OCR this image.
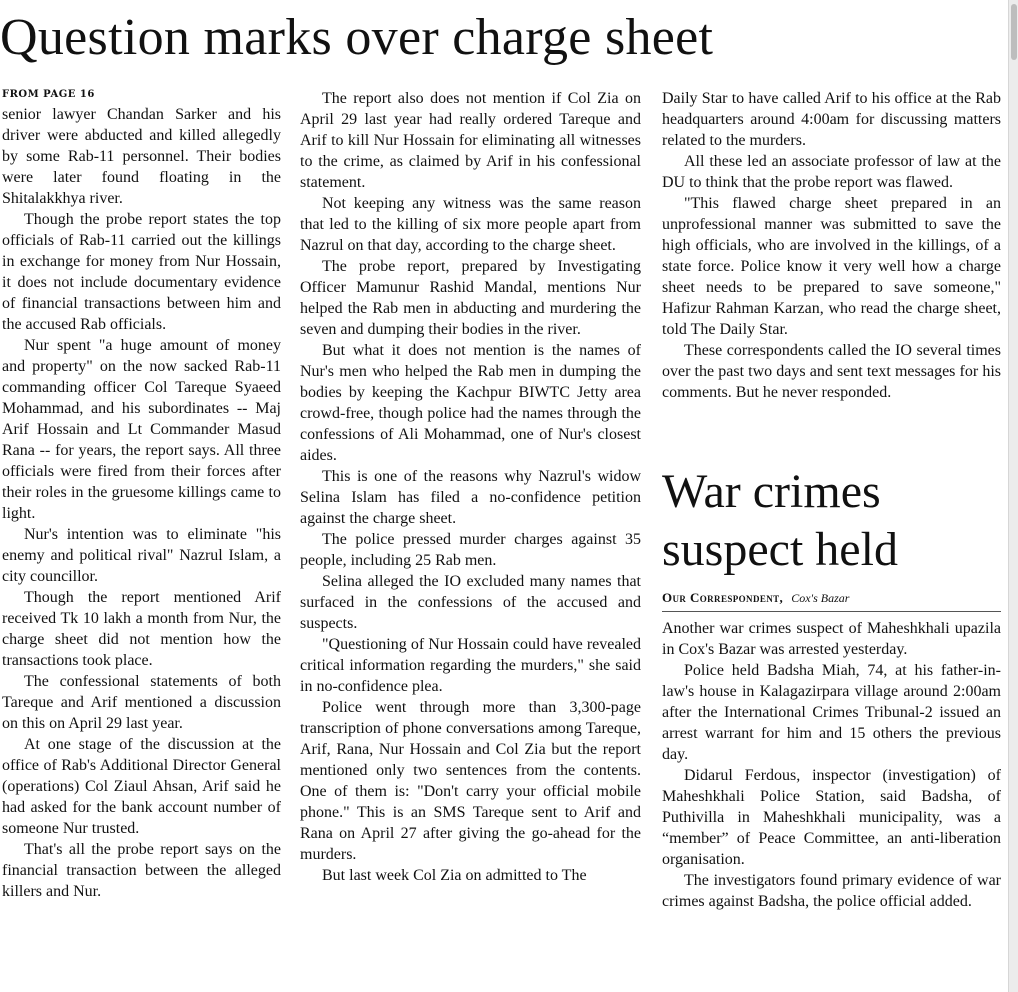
Question marks over charge sheet
FROM PAGE 16

senior lawyer Chandan Sarker and his driver were abducted and killed allegedly by some Rab-11 personnel. Their bodies were later found floating in the Shitalakkhya river.

Though the probe report states the top officials of Rab-11 carried out the killings in exchange for money from Nur Hossain, it does not include documentary evidence of financial transactions between him and the accused Rab officials.

Nur spent "a huge amount of money and property" on the now sacked Rab-11 commanding officer Col Tareque Syaeed Mohammad, and his subordinates -- Maj Arif Hossain and Lt Commander Masud Rana -- for years, the report says. All three officials were fired from their forces after their roles in the gruesome killings came to light.

Nur's intention was to eliminate "his enemy and political rival" Nazrul Islam, a city councillor.

Though the report mentioned Arif received Tk 10 lakh a month from Nur, the charge sheet did not mention how the transactions took place.

The confessional statements of both Tareque and Arif mentioned a discussion on this on April 29 last year.

At one stage of the discussion at the office of Rab's Additional Director General (operations) Col Ziaul Ahsan, Arif said he had asked for the bank account number of someone Nur trusted.

That's all the probe report says on the financial transaction between the alleged killers and Nur.

The report also does not mention if Col Zia on April 29 last year had really ordered Tareque and Arif to kill Nur Hossain for eliminating all witnesses to the crime, as claimed by Arif in his confessional statement.

Not keeping any witness was the same reason that led to the killing of six more people apart from Nazrul on that day, according to the charge sheet.

The probe report, prepared by Investigating Officer Mamunur Rashid Mandal, mentions Nur helped the Rab men in abducting and murdering the seven and dumping their bodies in the river.

But what it does not mention is the names of Nur's men who helped the Rab men in dumping the bodies by keeping the Kachpur BIWTC Jetty area crowd-free, though police had the names through the confessions of Ali Mohammad, one of Nur's closest aides.

This is one of the reasons why Nazrul's widow Selina Islam has filed a no-confidence petition against the charge sheet.

The police pressed murder charges against 35 people, including 25 Rab men.

Selina alleged the IO excluded many names that surfaced in the confessions of the accused and suspects.

"Questioning of Nur Hossain could have revealed critical information regarding the murders," she said in no-confidence plea.

Police went through more than 3,300-page transcription of phone conversations among Tareque, Arif, Rana, Nur Hossain and Col Zia but the report mentioned only two sentences from the contents. One of them is: "Don't carry your official mobile phone." This is an SMS Tareque sent to Arif and Rana on April 27 after giving the go-ahead for the murders.

But last week Col Zia on admitted to The

Daily Star to have called Arif to his office at the Rab headquarters around 4:00am for discussing matters related to the murders.

All these led an associate professor of law at the DU to think that the probe report was flawed.

"This flawed charge sheet prepared in an unprofessional manner was submitted to save the high officials, who are involved in the killings, of a state force. Police know it very well how a charge sheet needs to be prepared to save someone," Hafizur Rahman Karzan, who read the charge sheet, told The Daily Star.

These correspondents called the IO several times over the past two days and sent text messages for his comments. But he never responded.

War crimes suspect held
Our Correspondent, Cox's Bazar

Another war crimes suspect of Maheshkhali upazila in Cox's Bazar was arrested yesterday.

Police held Badsha Miah, 74, at his father-in-law's house in Kalagazirpara village around 2:00am after the International Crimes Tribunal-2 issued an arrest warrant for him and 15 others the previous day.

Didarul Ferdous, inspector (investigation) of Maheshkhali Police Station, said Badsha, of Puthivilla in Maheshkhali municipality, was a “member” of Peace Committee, an anti-liberation organisation.

The investigators found primary evidence of war crimes against Badsha, the police official added.
